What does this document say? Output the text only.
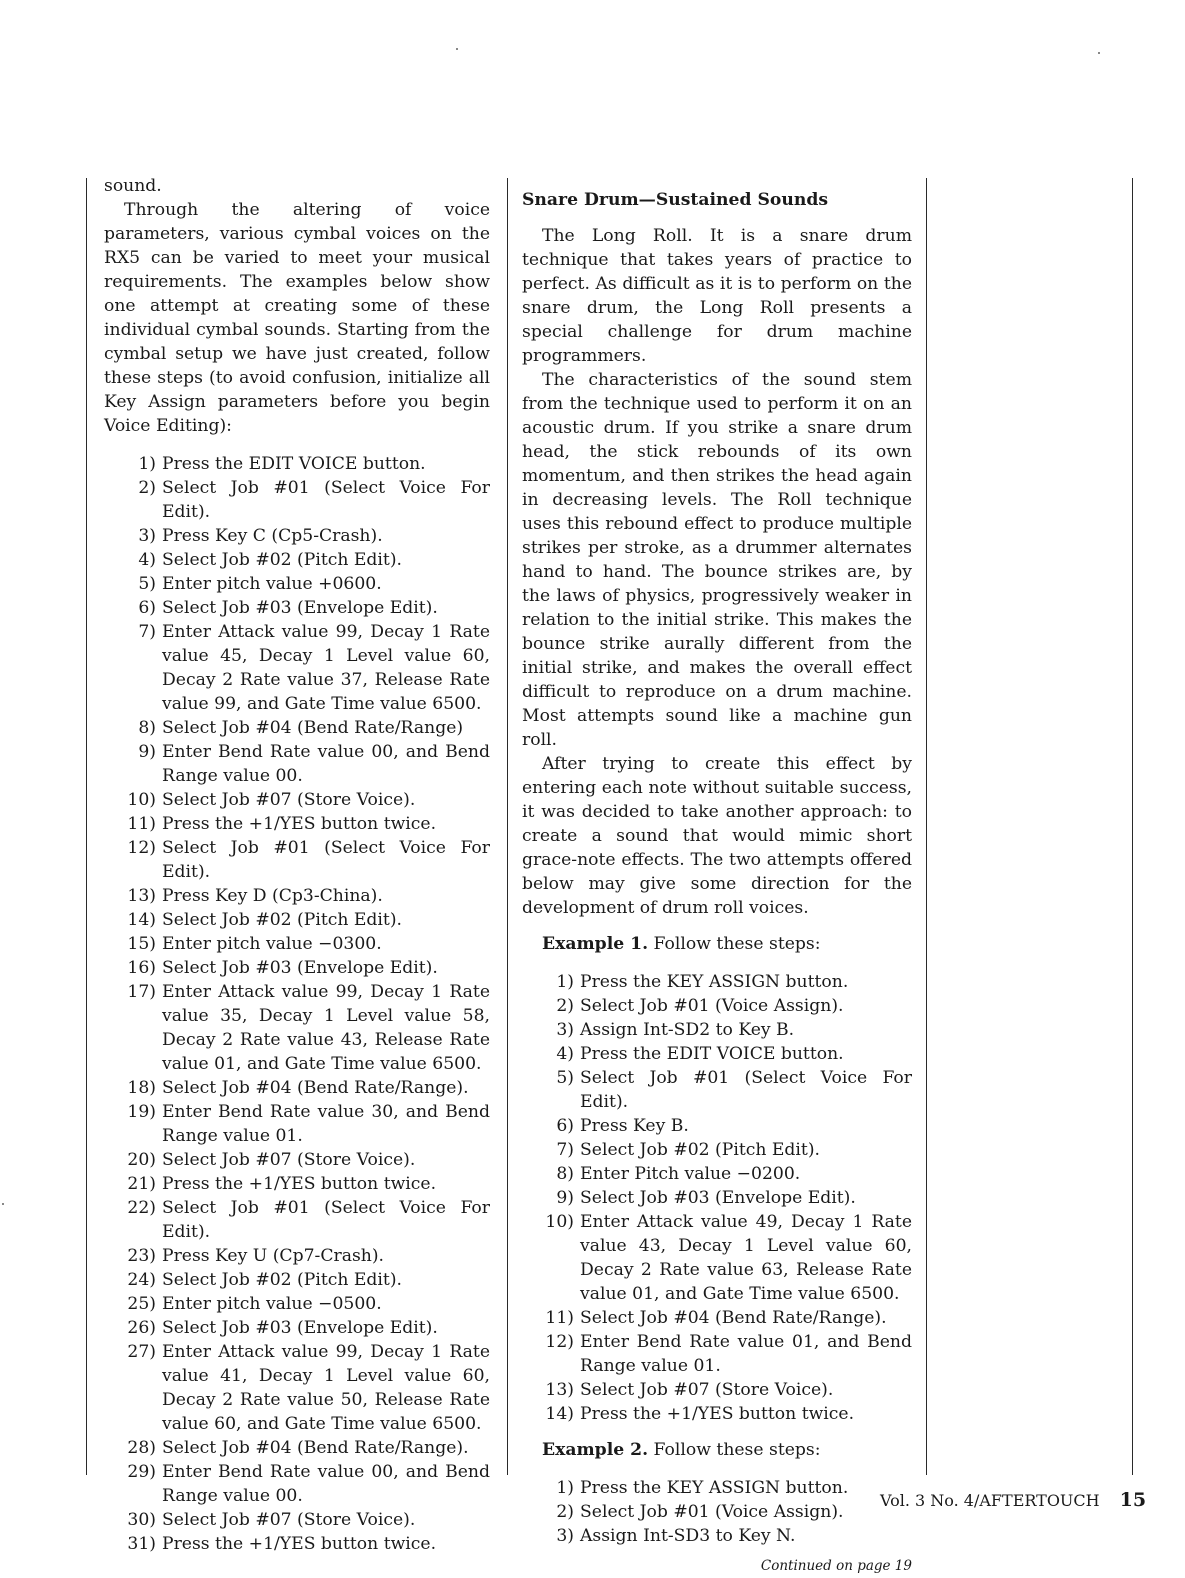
sound.

Through the altering of voice parameters, various cymbal voices on the RX5 can be varied to meet your musical requirements. The examples below show one attempt at creating some of these individual cymbal sounds. Starting from the cymbal setup we have just created, follow these steps (to avoid confusion, initialize all Key Assign parameters before you begin Voice Editing):

1) Press the EDIT VOICE button.
2) Select Job #01 (Select Voice For Edit).
3) Press Key C (Cp5-Crash).
4) Select Job #02 (Pitch Edit).
5) Enter pitch value +0600.
6) Select Job #03 (Envelope Edit).
7) Enter Attack value 99, Decay 1 Rate value 45, Decay 1 Level value 60, Decay 2 Rate value 37, Release Rate value 99, and Gate Time value 6500.
8) Select Job #04 (Bend Rate/Range)
9) Enter Bend Rate value 00, and Bend Range value 00.
10) Select Job #07 (Store Voice).
11) Press the +1/YES button twice.
12) Select Job #01 (Select Voice For Edit).
13) Press Key D (Cp3-China).
14) Select Job #02 (Pitch Edit).
15) Enter pitch value −0300.
16) Select Job #03 (Envelope Edit).
17) Enter Attack value 99, Decay 1 Rate value 35, Decay 1 Level value 58, Decay 2 Rate value 43, Release Rate value 01, and Gate Time value 6500.
18) Select Job #04 (Bend Rate/Range).
19) Enter Bend Rate value 30, and Bend Range value 01.
20) Select Job #07 (Store Voice).
21) Press the +1/YES button twice.
22) Select Job #01 (Select Voice For Edit).
23) Press Key U (Cp7-Crash).
24) Select Job #02 (Pitch Edit).
25) Enter pitch value −0500.
26) Select Job #03 (Envelope Edit).
27) Enter Attack value 99, Decay 1 Rate value 41, Decay 1 Level value 60, Decay 2 Rate value 50, Release Rate value 60, and Gate Time value 6500.
28) Select Job #04 (Bend Rate/Range).
29) Enter Bend Rate value 00, and Bend Range value 00.
30) Select Job #07 (Store Voice).
31) Press the +1/YES button twice.

Snare Drum—Sustained Sounds

The Long Roll. It is a snare drum technique that takes years of practice to perfect. As difficult as it is to perform on the snare drum, the Long Roll presents a special challenge for drum machine programmers.

The characteristics of the sound stem from the technique used to perform it on an acoustic drum. If you strike a snare drum head, the stick rebounds of its own momentum, and then strikes the head again in decreasing levels. The Roll technique uses this rebound effect to produce multiple strikes per stroke, as a drummer alternates hand to hand. The bounce strikes are, by the laws of physics, progressively weaker in relation to the initial strike. This makes the bounce strike aurally different from the initial strike, and makes the overall effect difficult to reproduce on a drum machine. Most attempts sound like a machine gun roll.

After trying to create this effect by entering each note without suitable success, it was decided to take another approach: to create a sound that would mimic short grace-note effects. The two attempts offered below may give some direction for the development of drum roll voices.

Example 1. Follow these steps:

1) Press the KEY ASSIGN button.
2) Select Job #01 (Voice Assign).
3) Assign Int-SD2 to Key B.
4) Press the EDIT VOICE button.
5) Select Job #01 (Select Voice For Edit).
6) Press Key B.
7) Select Job #02 (Pitch Edit).
8) Enter Pitch value −0200.
9) Select Job #03 (Envelope Edit).
10) Enter Attack value 49, Decay 1 Rate value 43, Decay 1 Level value 60, Decay 2 Rate value 63, Release Rate value 01, and Gate Time value 6500.
11) Select Job #04 (Bend Rate/Range).
12) Enter Bend Rate value 01, and Bend Range value 01.
13) Select Job #07 (Store Voice).
14) Press the +1/YES button twice.

Example 2. Follow these steps:

1) Press the KEY ASSIGN button.
2) Select Job #01 (Voice Assign).
3) Assign Int-SD3 to Key N.

Continued on page 19

Vol. 3 No. 4/AFTERTOUCH 15
